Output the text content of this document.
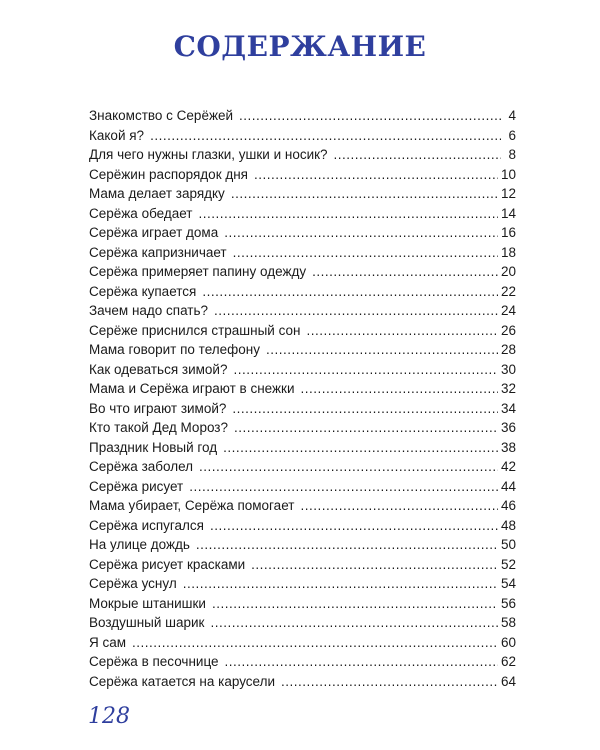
СОДЕРЖАНИЕ
Знакомство с Серёжей .....	4
Какой я? .....	6
Для чего нужны глазки, ушки и носик? .....	8
Серёжин распорядок дня .....	10
Мама делает зарядку .....	12
Серёжа обедает .....	14
Серёжа играет дома .....	16
Серёжа капризничает .....	18
Серёжа примеряет папину одежду .....	20
Серёжа купается .....	22
Зачем надо спать? .....	24
Серёже приснился страшный сон .....	26
Мама говорит по телефону .....	28
Как одеваться зимой? .....	30
Мама и Серёжа играют в снежки .....	32
Во что играют зимой? .....	34
Кто такой Дед Мороз? .....	36
Праздник Новый год .....	38
Серёжа заболел .....	42
Серёжа рисует .....	44
Мама убирает, Серёжа помогает .....	46
Серёжа испугался .....	48
На улице дождь .....	50
Серёжа рисует красками .....	52
Серёжа уснул .....	54
Мокрые штанишки .....	56
Воздушный шарик .....	58
Я сам .....	60
Серёжа в песочнице .....	62
Серёжа катается на карусели .....	64
128
